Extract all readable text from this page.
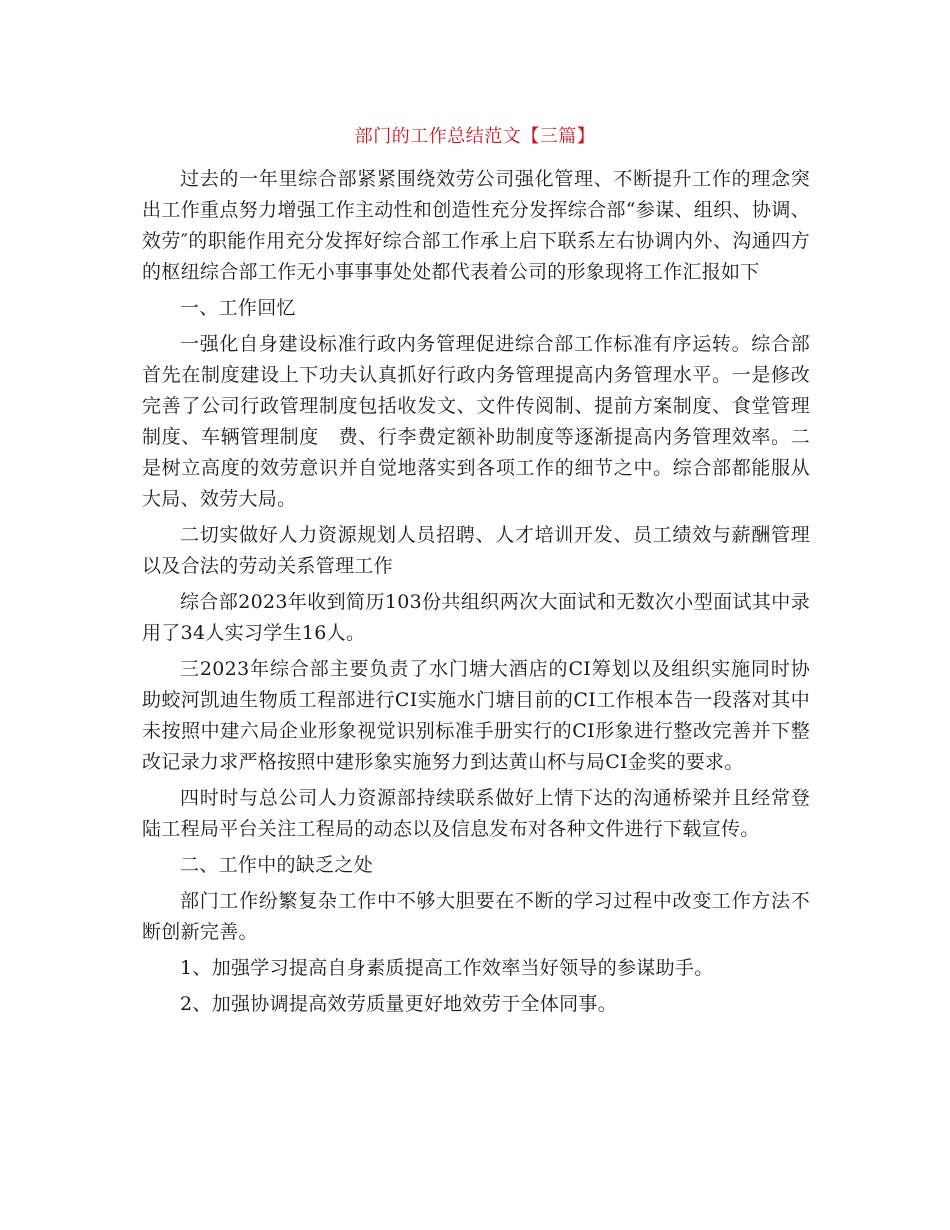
部门的工作总结范文【三篇】

过去的一年里综合部紧紧围绕效劳公司强化管理、不断提升工作的理念突出工作重点努力增强工作主动性和创造性充分发挥综合部“参谋、组织、协调、效劳″的职能作用充分发挥好综合部工作承上启下联系左右协调内外、沟通四方的枢纽综合部工作无小事事事处处都代表着公司的形象现将工作汇报如下

一、工作回忆

一强化自身建设标准行政内务管理促进综合部工作标准有序运转。综合部首先在制度建设上下功夫认真抓好行政内务管理提高内务管理水平。一是修改完善了公司行政管理制度包括收发文、文件传阅制、提前方案制度、食堂管理制度、车辆管理制度　费、行李费定额补助制度等逐渐提高内务管理效率。二是树立高度的效劳意识并自觉地落实到各项工作的细节之中。综合部都能服从大局、效劳大局。

二切实做好人力资源规划人员招聘、人才培训开发、员工绩效与薪酬管理以及合法的劳动关系管理工作

综合部2023年收到简历103份共组织两次大面试和无数次小型面试其中录用了34人实习学生16人。

三2023年综合部主要负责了水门塘大酒店的CI筹划以及组织实施同时协助蛟河凯迪生物质工程部进行CI实施水门塘目前的CI工作根本告一段落对其中未按照中建六局企业形象视觉识别标准手册实行的CI形象进行整改完善并下整改记录力求严格按照中建形象实施努力到达黄山杯与局CI金奖的要求。

四时时与总公司人力资源部持续联系做好上情下达的沟通桥梁并且经常登陆工程局平台关注工程局的动态以及信息发布对各种文件进行下载宣传。

二、工作中的缺乏之处

部门工作纷繁复杂工作中不够大胆要在不断的学习过程中改变工作方法不断创新完善。

1、加强学习提高自身素质提高工作效率当好领导的参谋助手。

2、加强协调提高效劳质量更好地效劳于全体同事。
